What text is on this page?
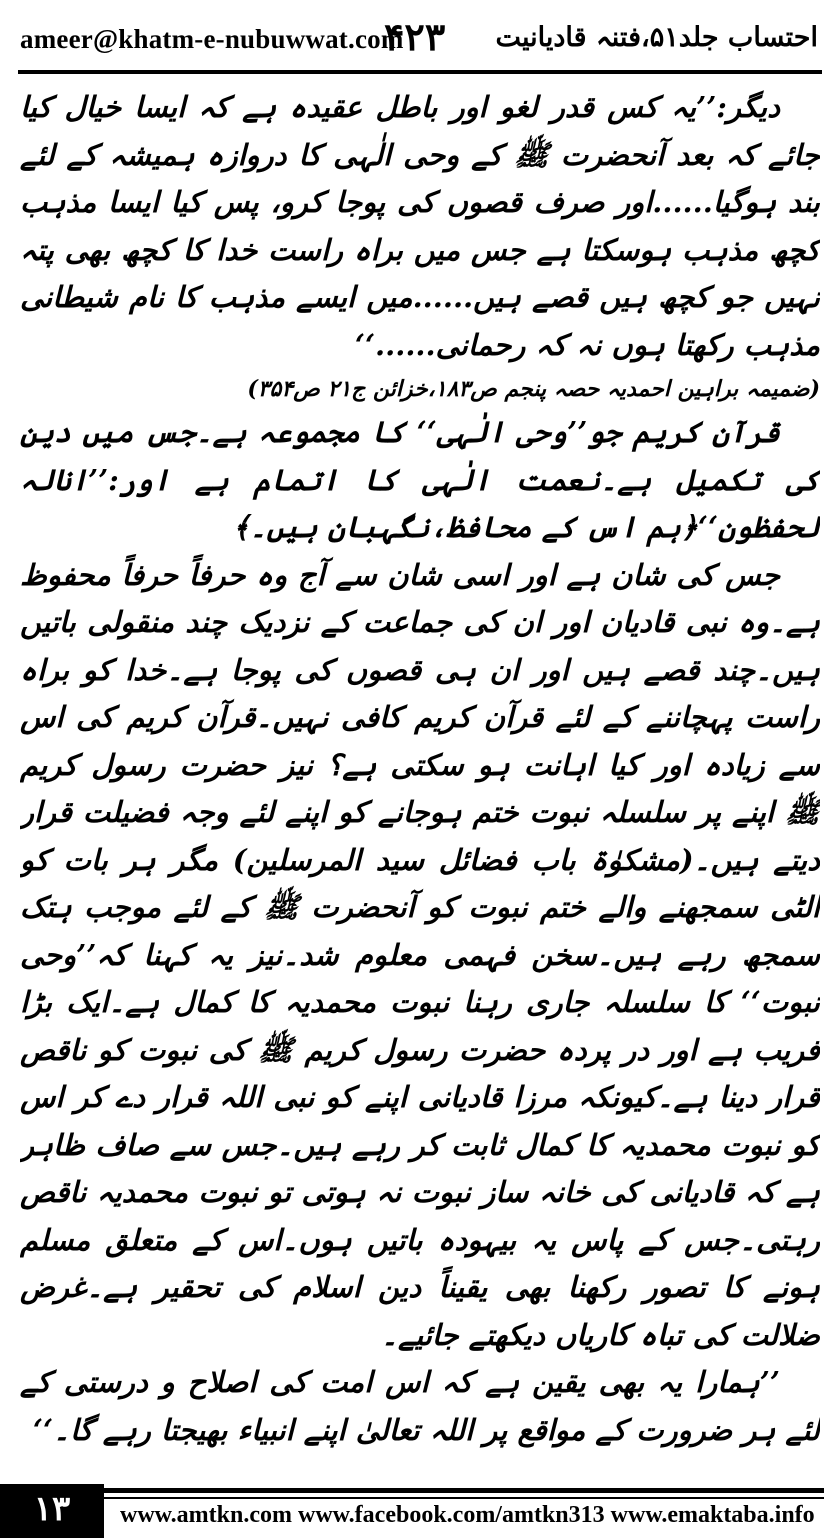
ameer@khatm-e-nubuwwat.com
۴۲۳ احتساب جلد۵۱،فتنہ قادیانیت

دیگر:’’یہ کس قدر لغو اور باطل عقیدہ ہے کہ ایسا خیال کیا جائے کہ بعد آنحضرت ﷺ کے وحی الٰہی کا دروازہ ہمیشہ کے لئے بند ہوگیا......اور صرف قصوں کی پوجا کرو، پس کیا ایسا مذہب کچھ مذہب ہوسکتا ہے جس میں براہ راست خدا کا کچھ بھی پتہ نہیں جو کچھ ہیں قصے ہیں......میں ایسے مذہب کا نام شیطانی مذہب رکھتا ہوں نہ کہ رحمانی......‘‘

(ضمیمہ براہین احمدیہ حصہ پنجم ص۱۸۳،خزائن ج۲۱ ص۳۵۴)

قرآن کریم جو’’وحی الٰہی‘‘ کا مجموعہ ہے۔جس میں دین کی تکمیل ہے۔نعمت الٰہی کا اتمام ہے اور:’’انالہ لحفظون‘‘﴿ہم اس کے محافظ،نگہبان ہیں۔﴾

جس کی شان ہے اور اسی شان سے آج وہ حرفاً حرفاً محفوظ ہے۔وہ نبی قادیان اور ان کی جماعت کے نزدیک چند منقولی باتیں ہیں۔چند قصے ہیں اور ان ہی قصوں کی پوجا ہے۔خدا کو براہ راست پہچاننے کے لئے قرآن کریم کافی نہیں۔قرآن کریم کی اس سے زیادہ اور کیا اہانت ہو سکتی ہے؟ نیز حضرت رسول کریم ﷺ اپنے پر سلسلہ نبوت ختم ہوجانے کو اپنے لئے وجہ فضیلت قرار دیتے ہیں۔(مشکوٰۃ باب فضائل سید المرسلین) مگر ہر بات کو الٹی سمجھنے والے ختم نبوت کو آنحضرت ﷺ کے لئے موجب ہتک سمجھ رہے ہیں۔سخن فہمی معلوم شد۔نیز یہ کہنا کہ’’وحی نبوت‘‘ کا سلسلہ جاری رہنا نبوت محمدیہ کا کمال ہے۔ایک بڑا فریب ہے اور در پردہ حضرت رسول کریم ﷺ کی نبوت کو ناقص قرار دینا ہے۔کیونکہ مرزا قادیانی اپنے کو نبی اللہ قرار دے کر اس کو نبوت محمدیہ کا کمال ثابت کر رہے ہیں۔جس سے صاف ظاہر ہے کہ قادیانی کی خانہ ساز نبوت نہ ہوتی تو نبوت محمدیہ ناقص رہتی۔جس کے پاس یہ بیہودہ باتیں ہوں۔اس کے متعلق مسلم ہونے کا تصور رکھنا بھی یقیناً دین اسلام کی تحقیر ہے۔غرض ضلالت کی تباہ کاریاں دیکھتے جائیے۔

’’ہمارا یہ بھی یقین ہے کہ اس امت کی اصلاح و درستی کے لئے ہر ضرورت کے مواقع پر اللہ تعالیٰ اپنے انبیاء بھیجتا رہے گا۔‘‘

۱۳	www.amtkn.com www.facebook.com/amtkn313 www.emaktaba.info
